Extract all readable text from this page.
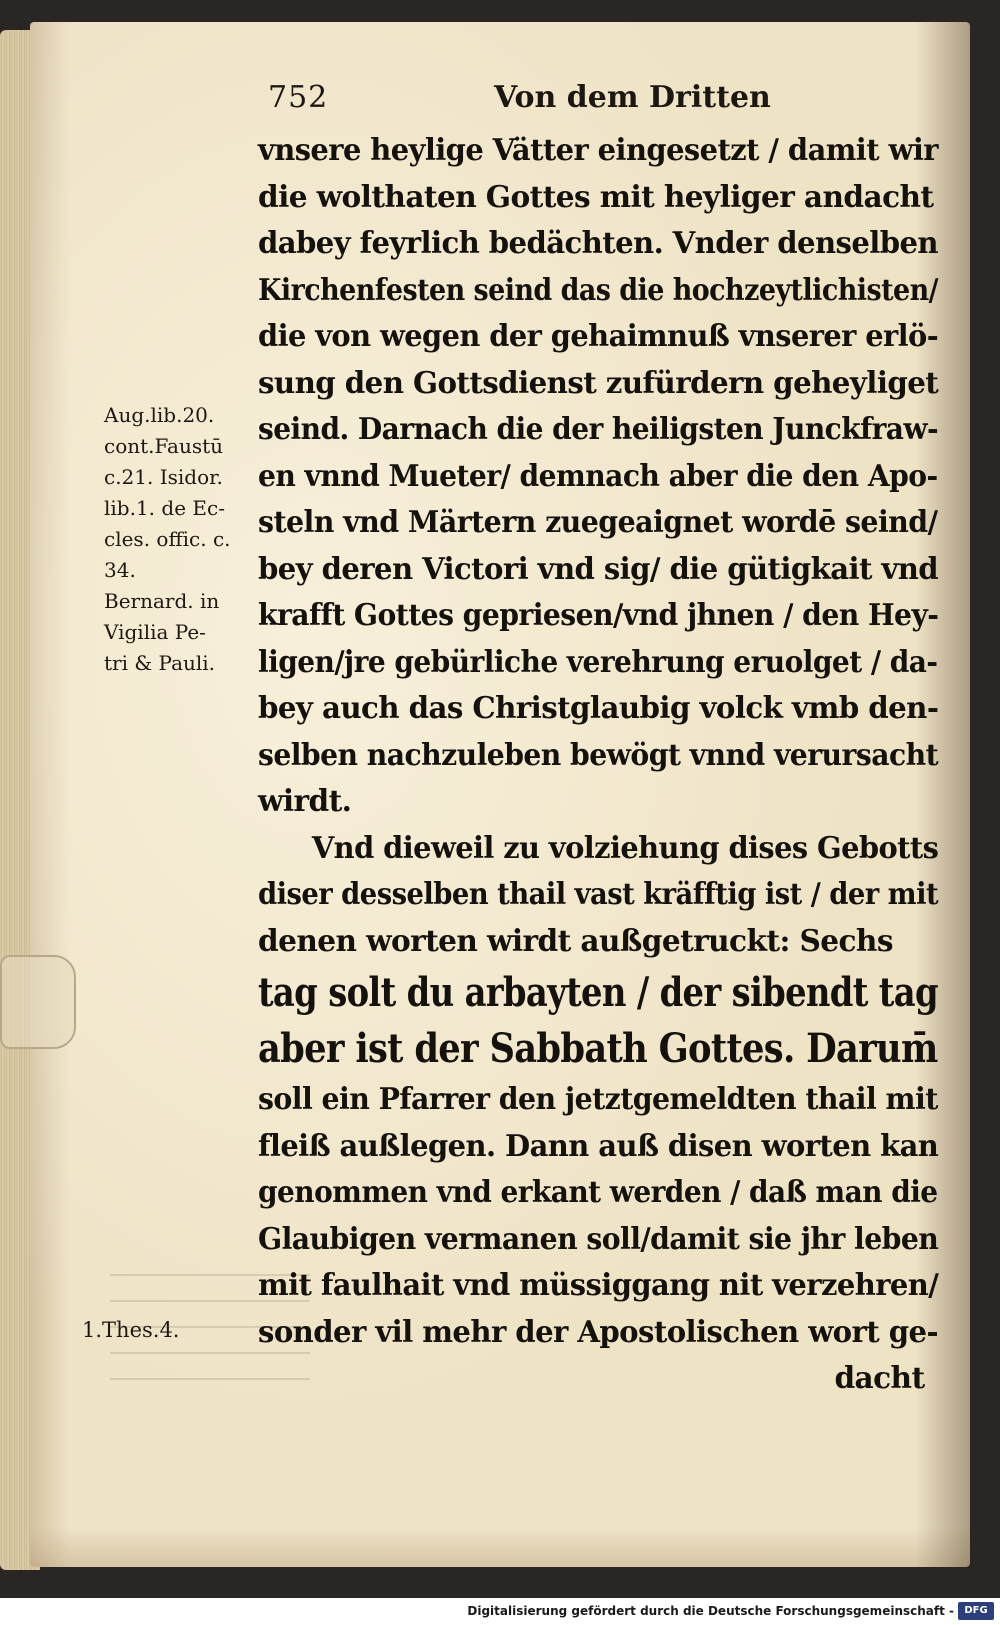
752	Von dem Dritten
vnsere heylige Vätter eingesetzt / damit wir
die wolthaten Gottes mit heyliger andacht
dabey feyrlich bedächten. Vnder denselben
Kirchenfesten seind das die hochzeytlichisten/
die von wegen der gehaimnuß vnserer erlö-
sung den Gottsdienst zufürdern geheyliget
seind. Darnach die der heiligsten Junckfraw-
en vnnd Mueter/ demnach aber die den Apo-
steln vnd Märtern zuegeaignet wordē seind/
bey deren Victori vnd sig/ die gütigkait vnd
krafft Gottes gepriesen/vnd jhnen / den Hey-
ligen/jre gebürliche verehrung eruolget / da-
bey auch das Christglaubig volck vmb den-
selben nachzuleben bewögt vnnd verursacht
wirdt.
Vnd dieweil zu volziehung dises Gebotts
diser desselben thail vast kräfftig ist / der mit
denen worten wirdt außgetruckt: Sechs
tag solt du arbayten / der sibendt tag
aber ist der Sabbath Gottes. Darum̄
soll ein Pfarrer den jetztgemeldten thail mit
fleiß außlegen. Dann auß disen worten kan
genommen vnd erkant werden / daß man die
Glaubigen vermanen soll/damit sie jhr leben
mit faulhait vnd müssiggang nit verzehren/
sonder vil mehr der Apostolischen wort ge-
dacht
Aug.lib.20.
cont.Faustū
c.21. Isidor.
lib.1. de Ec-
cles. offic. c.
34.
Bernard. in
Vigilia Pe-
tri & Pauli.
1.Thes.4.
Digitalisierung gefördert durch die Deutsche Forschungsgemeinschaft -	DFG
